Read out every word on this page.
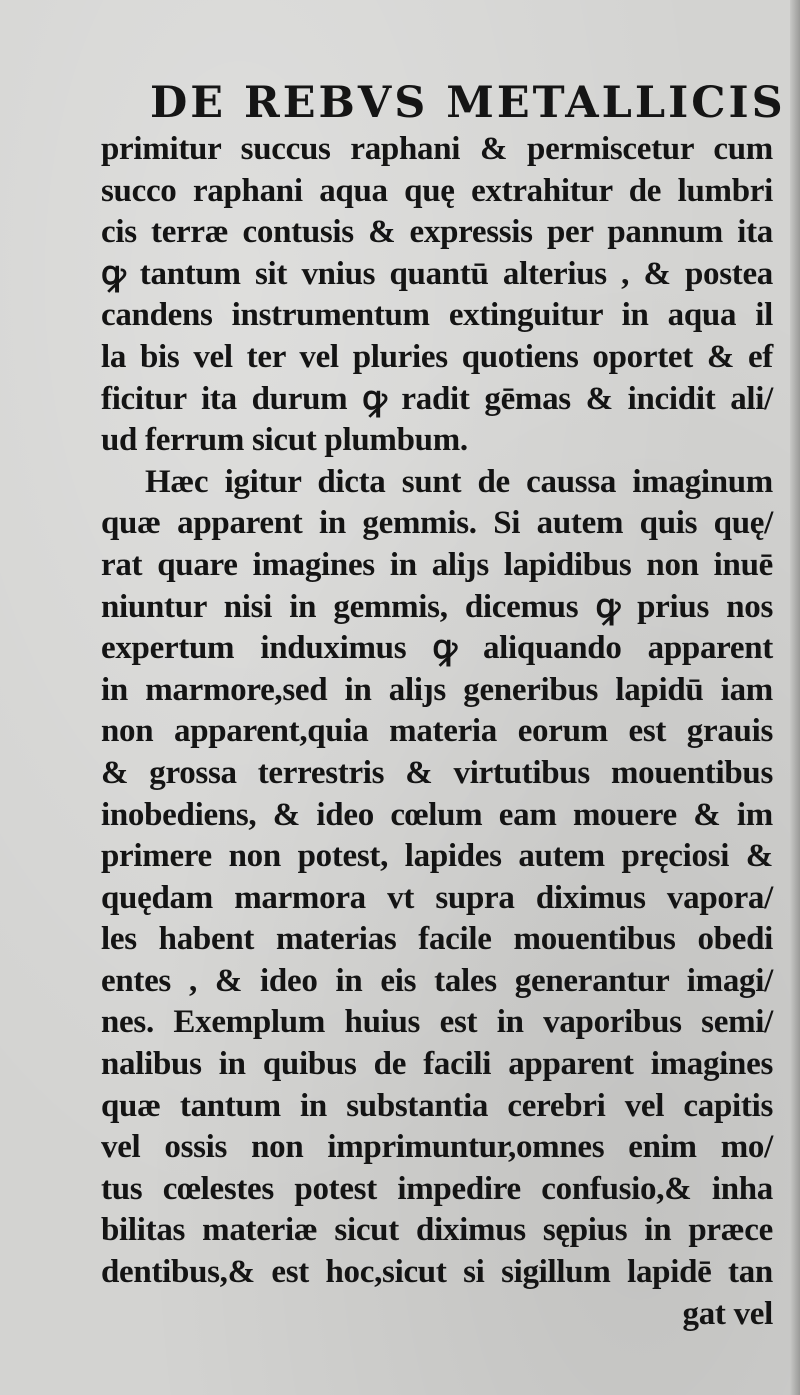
DE REBVS METALLICIS
primitur succus raphani & permiscetur cum
succo raphani aqua quę extrahitur de lumbri
cis terræ contusis & expressis per pannum ita
ꝙ tantum sit vnius quantū alterius , & postea
candens instrumentum extinguitur in aqua il
la bis vel ter vel pluries quotiens oportet & ef
ficitur ita durum ꝙ radit gēmas & incidit ali/
ud ferrum sicut plumbum.
Hæc igitur dicta sunt de caussa imaginum
quæ apparent in gemmis. Si autem quis quę/
rat quare imagines in aliȷs lapidibus non inuē
niuntur nisi in gemmis, dicemus ꝙ prius nos
expertum induximus ꝙ aliquando apparent
in marmore,sed in aliȷs generibus lapidū iam
non apparent,quia materia eorum est grauis
& grossa terrestris & virtutibus mouentibus
inobediens, & ideo cœlum eam mouere & im
primere non potest, lapides autem pręciosi &
quędam marmora vt supra diximus vapora/
les habent materias facile mouentibus obedi
entes , & ideo in eis tales generantur imagi/
nes. Exemplum huius est in vaporibus semi/
nalibus in quibus de facili apparent imagines
quæ tantum in substantia cerebri vel capitis
vel ossis non imprimuntur,omnes enim mo/
tus cœlestes potest impedire confusio,& inha
bilitas materiæ sicut diximus sępius in præce
dentibus,& est hoc,sicut si sigillum lapidē tan
gat vel
